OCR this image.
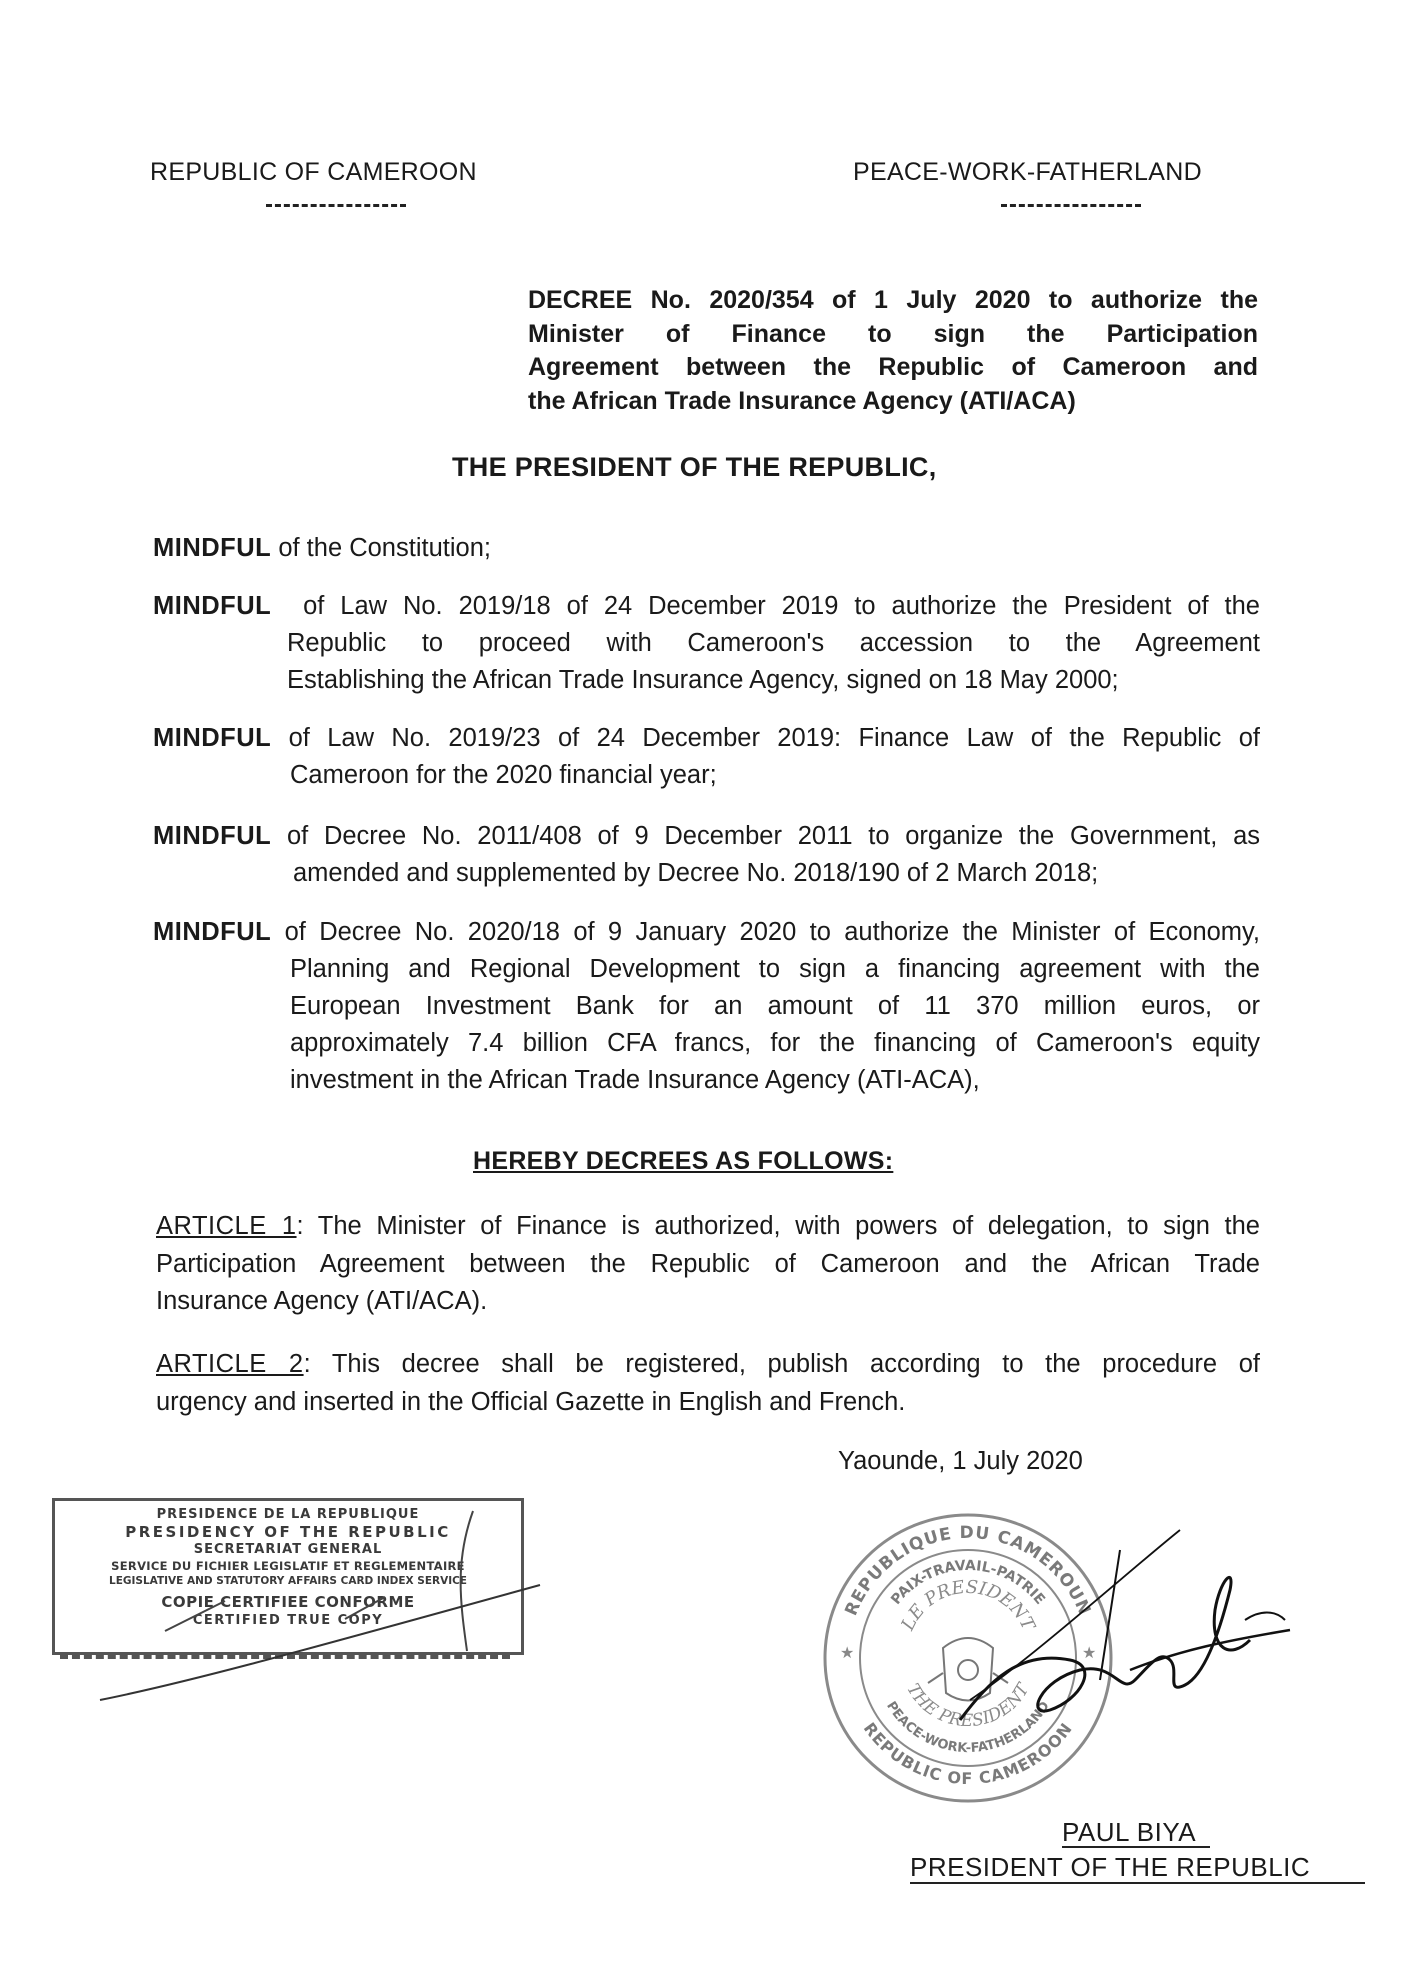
REPUBLIC OF CAMEROON	PEACE-WORK-FATHERLAND
DECREE No. 2020/354 of 1 July 2020 to authorize the
Minister of Finance to sign the Participation
Agreement between the Republic of Cameroon and
the African Trade Insurance Agency (ATI/ACA)
THE PRESIDENT OF THE REPUBLIC,
MINDFUL of the Constitution;
MINDFUL of Law No. 2019/18 of 24 December 2019 to authorize the President of the
Republic to proceed with Cameroon's accession to the Agreement
Establishing the African Trade Insurance Agency, signed on 18 May 2000;
MINDFUL of Law No. 2019/23 of 24 December 2019: Finance Law of the Republic of
Cameroon for the 2020 financial year;
MINDFUL of Decree No. 2011/408 of 9 December 2011 to organize the Government, as
amended and supplemented by Decree No. 2018/190 of 2 March 2018;
MINDFUL of Decree No. 2020/18 of 9 January 2020 to authorize the Minister of Economy,
Planning and Regional Development to sign a financing agreement with the
European Investment Bank for an amount of 11 370 million euros, or
approximately 7.4 billion CFA francs, for the financing of Cameroon's equity
investment in the African Trade Insurance Agency (ATI-ACA),
HEREBY DECREES AS FOLLOWS:
ARTICLE 1: The Minister of Finance is authorized, with powers of delegation, to sign the
Participation Agreement between the Republic of Cameroon and the African Trade
Insurance Agency (ATI/ACA).
ARTICLE 2: This decree shall be registered, publish according to the procedure of
urgency and inserted in the Official Gazette in English and French.
Yaounde, 1 July 2020
PRESIDENCE DE LA REPUBLIQUE
PRESIDENCY OF THE REPUBLIC
SECRETARIAT GENERAL
SERVICE DU FICHIER LEGISLATIF ET REGLEMENTAIRE
LEGISLATIVE AND STATUTORY AFFAIRS CARD INDEX SERVICE
COPIE CERTIFIEE CONFORME
CERTIFIED TRUE COPY
REPUBLIQUE DU CAMEROUN
PAIX-TRAVAIL-PATRIE
LE PRESIDENT
REPUBLIC OF CAMEROON
PEACE-WORK-FATHERLAND
THE PRESIDENT
★	★
PAUL BIYA
PRESIDENT OF THE REPUBLIC
